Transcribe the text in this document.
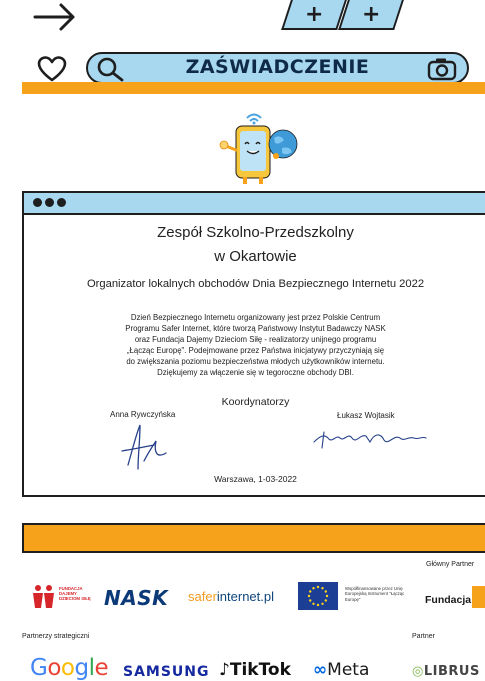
+	+
ZAŚWIADCZENIE
Zespół Szkolno-Przedszkolny
w Okartowie
Organizator lokalnych obchodów Dnia Bezpiecznego Internetu 2022
Dzień Bezpiecznego Internetu organizowany jest przez Polskie Centrum
Programu Safer Internet, które tworzą Państwowy Instytut Badawczy NASK
oraz Fundacja Dajemy Dzieciom Siłę - realizatorzy unijnego programu
„Łącząc Europę". Podejmowane przez Państwa inicjatywy przyczyniają się
do zwiększania poziomu bezpieczeństwa młodych użytkowników internetu.
Dziękujemy za włączenie się w tegoroczne obchody DBI.
Koordynatorzy
Anna Rywczyńska	Łukasz Wojtasik
Warszawa, 1-03-2022
Główny Partner
FUNDACJA DAJEMY DZIECIOM SIŁĘ NASK saferinternet.pl
Współfinansowane przez Unię Europejską Instrument "Łącząc Europę"	Fundacja
Partnerzy strategiczni	Partner
Google SAMSUNG ♪TikTok ∞Meta	◎LIBRUS
